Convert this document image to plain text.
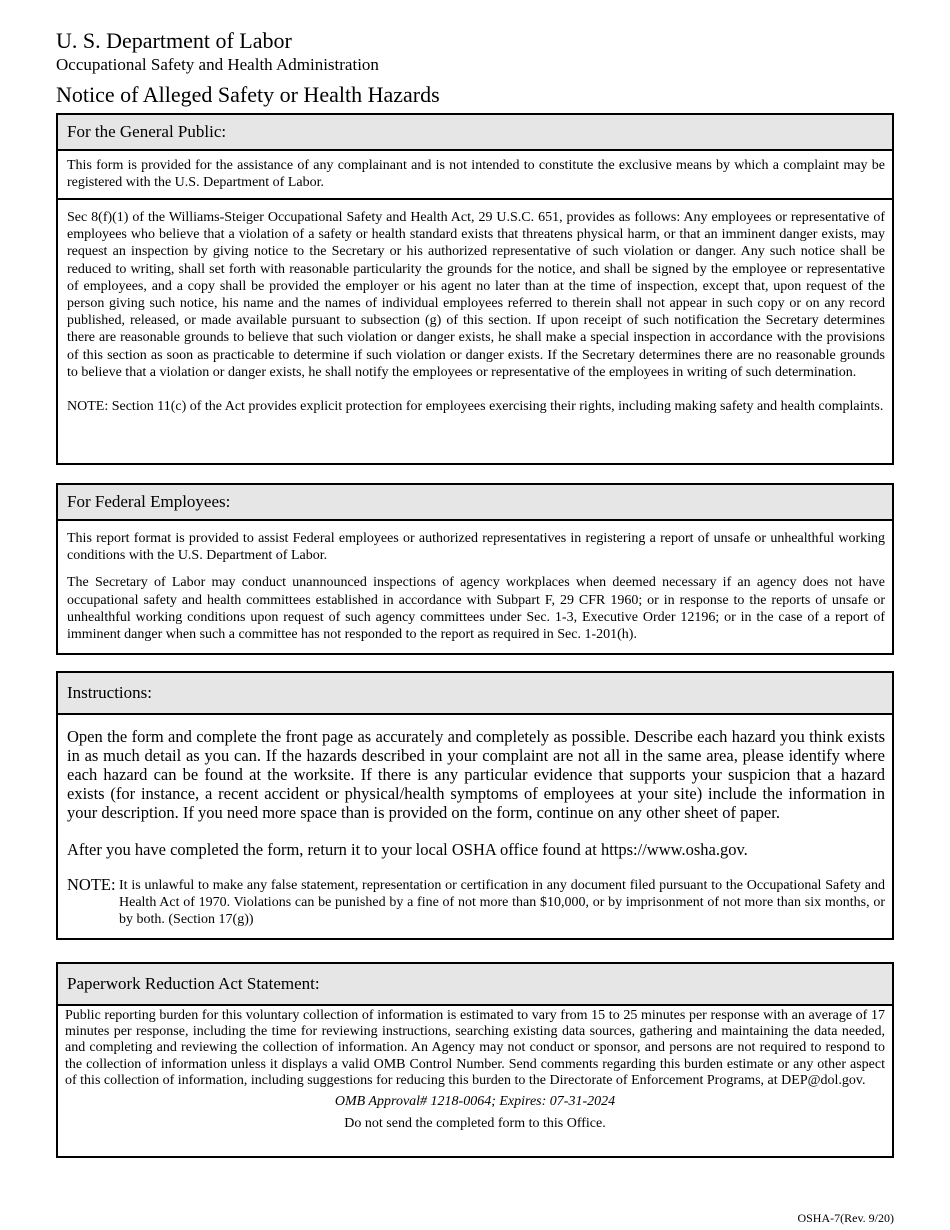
U. S. Department of Labor
Occupational Safety and Health Administration
Notice of Alleged Safety or Health Hazards
For the General Public:

This form is provided for the assistance of any complainant and is not intended to constitute the exclusive means by which a complaint may be registered with the U.S. Department of Labor.

Sec 8(f)(1) of the Williams-Steiger Occupational Safety and Health Act, 29 U.S.C. 651, provides as follows: Any employees or representative of employees who believe that a violation of a safety or health standard exists that threatens physical harm, or that an imminent danger exists, may request an inspection by giving notice to the Secretary or his authorized representative of such violation or danger. Any such notice shall be reduced to writing, shall set forth with reasonable particularity the grounds for the notice, and shall be signed by the employee or representative of employees, and a copy shall be provided the employer or his agent no later than at the time of inspection, except that, upon request of the person giving such notice, his name and the names of individual employees referred to therein shall not appear in such copy or on any record published, released, or made available pursuant to subsection (g) of this section. If upon receipt of such notification the Secretary determines there are reasonable grounds to believe that such violation or danger exists, he shall make a special inspection in accordance with the provisions of this section as soon as practicable to determine if such violation or danger exists. If the Secretary determines there are no reasonable grounds to believe that a violation or danger exists, he shall notify the employees or representative of the employees in writing of such determination.

NOTE: Section 11(c) of the Act provides explicit protection for employees exercising their rights, including making safety and health complaints.

For Federal Employees:

This report format is provided to assist Federal employees or authorized representatives in registering a report of unsafe or unhealthful working conditions with the U.S. Department of Labor.

The Secretary of Labor may conduct unannounced inspections of agency workplaces when deemed necessary if an agency does not have occupational safety and health committees established in accordance with Subpart F, 29 CFR 1960; or in response to the reports of unsafe or unhealthful working conditions upon request of such agency committees under Sec. 1-3, Executive Order 12196; or in the case of a report of imminent danger when such a committee has not responded to the report as required in Sec. 1-201(h).

Instructions:

Open the form and complete the front page as accurately and completely as possible. Describe each hazard you think exists in as much detail as you can. If the hazards described in your complaint are not all in the same area, please identify where each hazard can be found at the worksite. If there is any particular evidence that supports your suspicion that a hazard exists (for instance, a recent accident or physical/health symptoms of employees at your site) include the information in your description. If you need more space than is provided on the form, continue on any other sheet of paper.

After you have completed the form, return it to your local OSHA office found at https://www.osha.gov.

NOTE: It is unlawful to make any false statement, representation or certification in any document filed pursuant to the Occupational Safety and Health Act of 1970. Violations can be punished by a fine of not more than $10,000, or by imprisonment of not more than six months, or by both. (Section 17(g))
Paperwork Reduction Act Statement:

Public reporting burden for this voluntary collection of information is estimated to vary from 15 to 25 minutes per response with an average of 17 minutes per response, including the time for reviewing instructions, searching existing data sources, gathering and maintaining the data needed, and completing and reviewing the collection of information. An Agency may not conduct or sponsor, and persons are not required to respond to the collection of information unless it displays a valid OMB Control Number. Send comments regarding this burden estimate or any other aspect of this collection of information, including suggestions for reducing this burden to the Directorate of Enforcement Programs, at DEP@dol.gov.

OMB Approval# 1218-0064; Expires: 07-31-2024
Do not send the completed form to this Office.
OSHA-7(Rev. 9/20)
